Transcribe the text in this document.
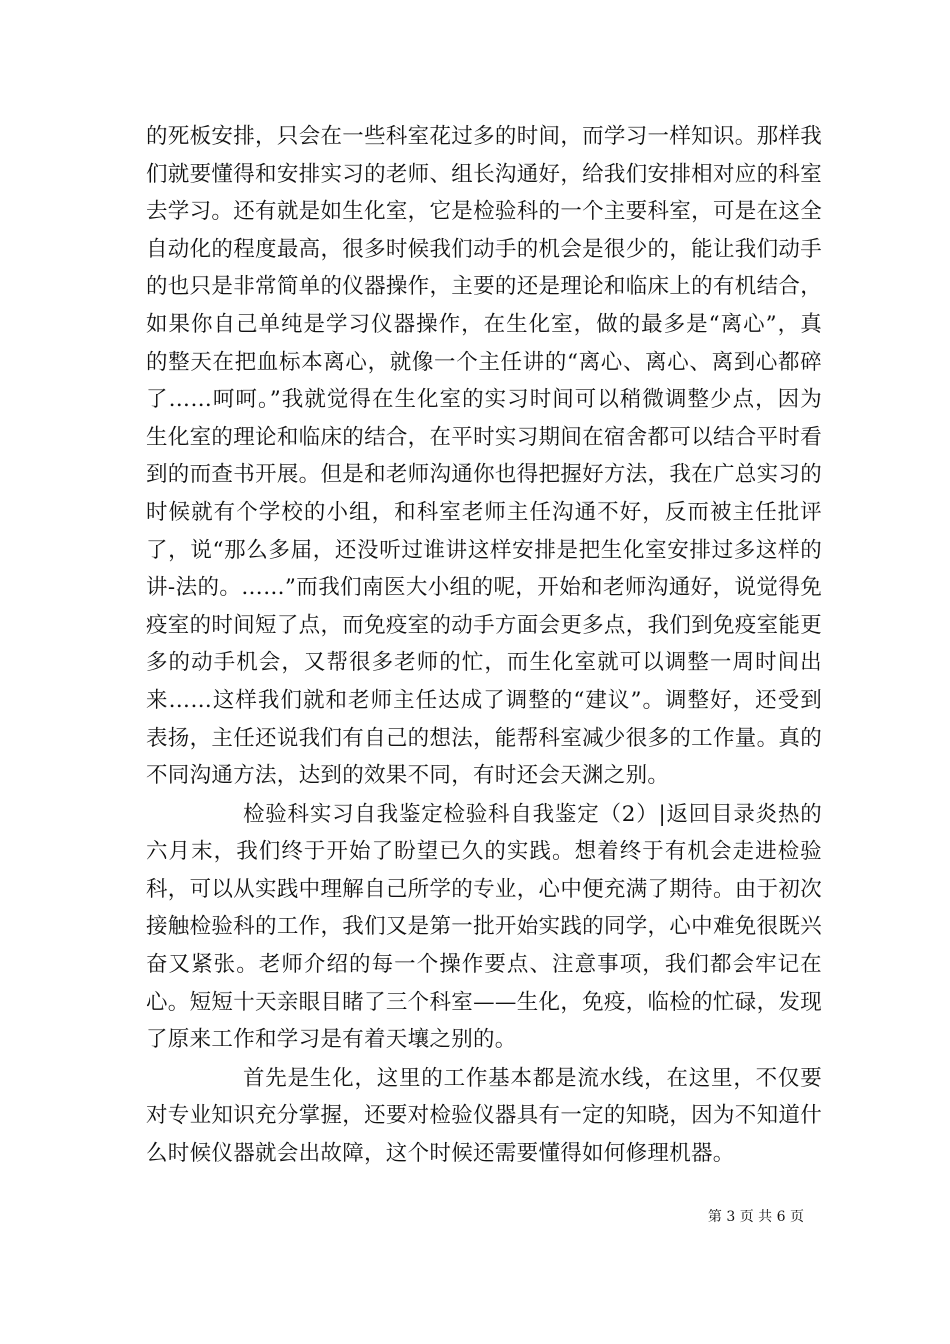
的死板安排，只会在一些科室花过多的时间，而学习一样知识。那样我们就要懂得和安排实习的老师、组长沟通好，给我们安排相对应的科室去学习。还有就是如生化室，它是检验科的一个主要科室，可是在这全自动化的程度最高，很多时候我们动手的机会是很少的，能让我们动手的也只是非常简单的仪器操作，主要的还是理论和临床上的有机结合，如果你自己单纯是学习仪器操作，在生化室，做的最多是“离心”，真的整天在把血标本离心，就像一个主任讲的“离心、离心、离到心都碎了……呵呵。”我就觉得在生化室的实习时间可以稍微调整少点，因为生化室的理论和临床的结合，在平时实习期间在宿舍都可以结合平时看到的而查书开展。但是和老师沟通你也得把握好方法，我在广总实习的时候就有个学校的小组，和科室老师主任沟通不好，反而被主任批评了，说“那么多届，还没听过谁讲这样安排是把生化室安排过多这样的讲-法的。……”而我们南医大小组的呢，开始和老师沟通好，说觉得免疫室的时间短了点，而免疫室的动手方面会更多点，我们到免疫室能更多的动手机会，又帮很多老师的忙，而生化室就可以调整一周时间出来……这样我们就和老师主任达成了调整的“建议”。调整好，还受到表扬，主任还说我们有自己的想法，能帮科室减少很多的工作量。真的不同沟通方法，达到的效果不同，有时还会天渊之别。

检验科实习自我鉴定检验科自我鉴定（2）|返回目录炎热的六月末，我们终于开始了盼望已久的实践。想着终于有机会走进检验科，可以从实践中理解自己所学的专业，心中便充满了期待。由于初次接触检验科的工作，我们又是第一批开始实践的同学，心中难免很既兴奋又紧张。老师介绍的每一个操作要点、注意事项，我们都会牢记在心。短短十天亲眼目睹了三个科室——生化，免疫，临检的忙碌，发现了原来工作和学习是有着天壤之别的。

首先是生化，这里的工作基本都是流水线，在这里，不仅要对专业知识充分掌握，还要对检验仪器具有一定的知晓，因为不知道什么时候仪器就会出故障，这个时候还需要懂得如何修理机器。

第 3 页 共 6 页
